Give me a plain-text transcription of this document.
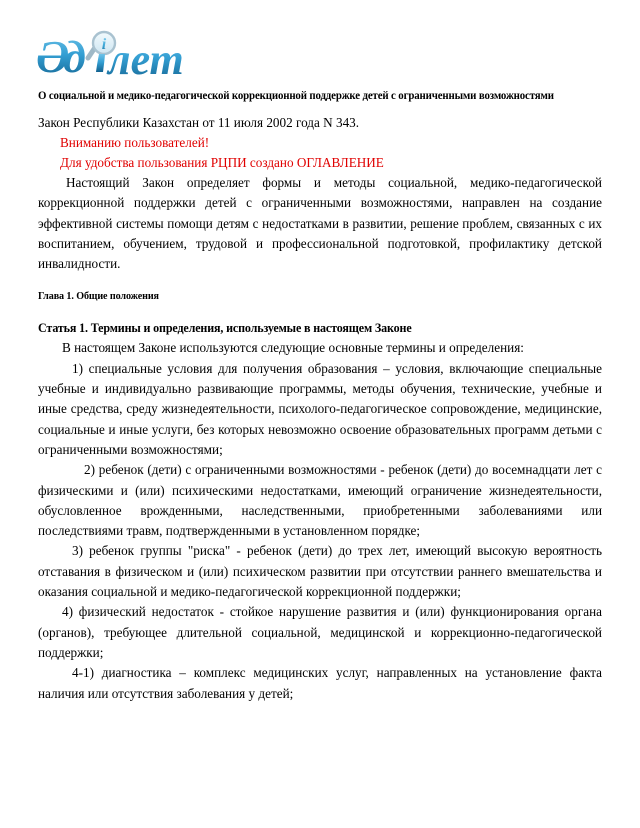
Ә
д i лет
О социальной и медико-педагогической коррекционной поддержке детей с ограниченными возможностями

Закон Республики Казахстан от 11 июля 2002 года N 343.

Вниманию пользователей!

Для удобства пользования РЦПИ создано ОГЛАВЛЕНИЕ

Настоящий Закон определяет формы и методы социальной, медико-педагогической коррекционной поддержки детей с ограниченными возможностями, направлен на создание эффективной системы помощи детям с недостатками в развитии, решение проблем, связанных с их воспитанием, обучением, трудовой и профессиональной подготовкой, профилактику детской инвалидности.

Глава 1. Общие положения
Статья 1. Термины и определения, используемые в настоящем Законе

В настоящем Законе используются следующие основные термины и определения:

1) специальные условия для получения образования – условия, включающие специальные учебные и индивидуально развивающие программы, методы обучения, технические, учебные и иные средства, среду жизнедеятельности, психолого-педагогическое сопровождение, медицинские, социальные и иные услуги, без которых невозможно освоение образовательных программ детьми с ограниченными возможностями;

2) ребенок (дети) с ограниченными возможностями - ребенок (дети) до восемнадцати лет с физическими и (или) психическими недостатками, имеющий ограничение жизнедеятельности, обусловленное врожденными, наследственными, приобретенными заболеваниями или последствиями травм, подтвержденными в установленном порядке;

3) ребенок группы "риска" - ребенок (дети) до трех лет, имеющий высокую вероятность отставания в физическом и (или) психическом развитии при отсутствии раннего вмешательства и оказания социальной и медико-педагогической коррекционной поддержки;

4) физический недостаток - стойкое нарушение развития и (или) функционирования органа (органов), требующее длительной социальной, медицинской и коррекционно-педагогической поддержки;

4-1) диагностика – комплекс медицинских услуг, направленных на установление факта наличия или отсутствия заболевания у детей;
